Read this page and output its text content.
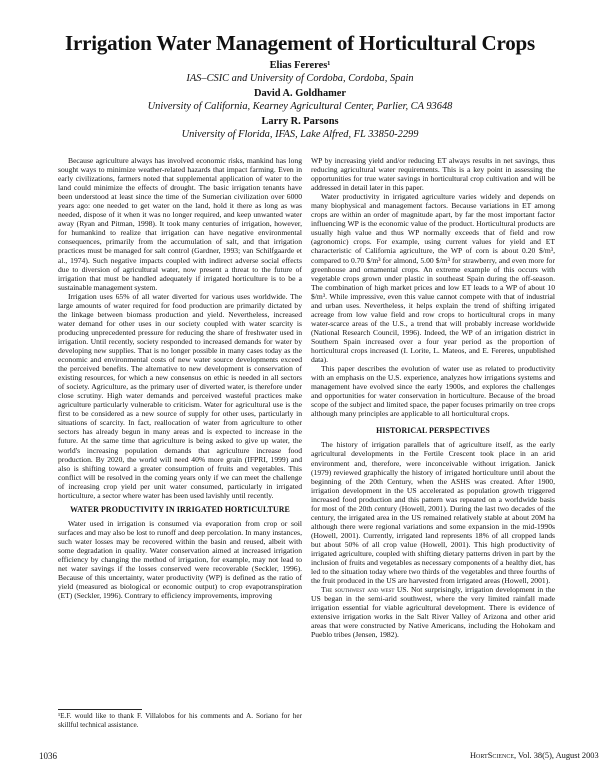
Irrigation Water Management of Horticultural Crops
Elias Fereres¹
IAS–CSIC and University of Cordoba, Cordoba, Spain
David A. Goldhamer
University of California, Kearney Agricultural Center, Parlier, CA 93648
Larry R. Parsons
University of Florida, IFAS, Lake Alfred, FL 33850-2299

Because agriculture always has involved economic risks, mankind has long sought ways to minimize weather-related hazards that impact farming. Even in early civilizations, farmers noted that supplemental application of water to the land could minimize the effects of drought. The basic irrigation tenants have been understood at least since the time of the Sumerian civilization over 6000 years ago: one needed to get water on the land, hold it there as long as was needed, dispose of it when it was no longer required, and keep unwanted water away (Ryan and Pitman, 1998). It took many centuries of irrigation, however, for humankind to realize that irrigation can have negative environmental consequences, primarily from the accumulation of salt, and that irrigation practices must be managed for salt control (Gardner, 1993; van Schilfgaarde et al., 1974). Such negative impacts coupled with indirect adverse social effects due to diversion of agricultural water, now present a threat to the future of irrigation that must be handled adequately if irrigated horticulture is to be a sustainable management system.

Irrigation uses 65% of all water diverted for various uses worldwide. The large amounts of water required for food production are primarily dictated by the linkage between biomass production and yield. Nevertheless, increased water demand for other uses in our society coupled with water scarcity is producing unprecedented pressure for reducing the share of freshwater used in irrigation. Until recently, society responded to increased demands for water by developing new supplies. That is no longer possible in many cases today as the economic and environmental costs of new water source developments exceed the perceived benefits. The alternative to new development is conservation of existing resources, for which a new consensus on ethic is needed in all sectors of society. Agriculture, as the primary user of diverted water, is therefore under close scrutiny. High water demands and perceived wasteful practices make agriculture particularly vulnerable to criticism. Water for agricultural use is the first to be considered as a new source of supply for other uses, particularly in situations of scarcity. In fact, reallocation of water from agriculture to other sectors has already begun in many areas and is expected to increase in the future. At the same time that agriculture is being asked to give up water, the world's increasing population demands that agriculture increase food production. By 2020, the world will need 40% more grain (IFPRI, 1999) and also is shifting toward a greater consumption of fruits and vegetables. This conflict will be resolved in the coming years only if we can meet the challenge of increasing crop yield per unit water consumed, particularly in irrigated horticulture, a sector where water has been used lavishly until recently.

WATER PRODUCTIVITY IN IRRIGATED HORTICULTURE

Water used in irrigation is consumed via evaporation from crop or soil surfaces and may also be lost to runoff and deep percolation. In many instances, such water losses may be recovered within the basin and reused, albeit with some degradation in quality. Water conservation aimed at increased irrigation efficiency by changing the method of irrigation, for example, may not lead to net water savings if the losses conserved were recoverable (Seckler, 1996). Because of this uncertainty, water productivity (WP) is defined as the ratio of yield (measured as biological or economic output) to crop evapotranspiration (ET) (Seckler, 1996). Contrary to efficiency improvements, improving

WP by increasing yield and/or reducing ET always results in net savings, thus reducing agricultural water requirements. This is a key point in assessing the opportunities for true water savings in horticultural crop cultivation and will be addressed in detail later in this paper.

Water productivity in irrigated agriculture varies widely and depends on many biophysical and management factors. Because variations in ET among crops are within an order of magnitude apart, by far the most important factor influencing WP is the economic value of the product. Horticultural products are usually high value and thus WP normally exceeds that of field and row (agronomic) crops. For example, using current values for yield and ET characteristic of California agriculture, the WP of corn is about 0.20 $/m³, compared to 0.70 $/m³ for almond, 5.00 $/m³ for strawberry, and even more for greenhouse and ornamental crops. An extreme example of this occurs with vegetable crops grown under plastic in southeast Spain during the off-season. The combination of high market prices and low ET leads to a WP of about 10 $/m³. While impressive, even this value cannot compete with that of industrial and urban uses. Nevertheless, it helps explain the trend of shifting irrigated acreage from low value field and row crops to horticultural crops in many water-scarce areas of the U.S., a trend that will probably increase worldwide (National Research Council, 1996). Indeed, the WP of an irrigation district in Southern Spain increased over a four year period as the proportion of horticultural crops increased (I. Lorite, L. Mateos, and E. Fereres, unpublished data).

This paper describes the evolution of water use as related to productivity with an emphasis on the U.S. experience, analyzes how irrigations systems and management have evolved since the early 1900s, and explores the challenges and opportunities for water conservation in horticulture. Because of the broad scope of the subject and limited space, the paper focuses primarily on tree crops although many principles are applicable to all horticultural crops.

HISTORICAL PERSPECTIVES

The history of irrigation parallels that of agriculture itself, as the early agricultural developments in the Fertile Crescent took place in an arid environment and, therefore, were inconceivable without irrigation. Janick (1979) reviewed graphically the history of irrigated horticulture until about the beginning of the 20th Century, when the ASHS was created. After 1900, irrigation development in the US accelerated as population growth triggered increased food production and this pattern was repeated on a worldwide basis for most of the 20th century (Howell, 2001). During the last two decades of the century, the irrigated area in the US remained relatively stable at about 20M ha although there were regional variations and some expansion in the mid-1990s (Howell, 2001). Currently, irrigated land represents 18% of all cropped lands but about 50% of all crop value (Howell, 2001). This high productivity of irrigated agriculture, coupled with shifting dietary patterns driven in part by the inclusion of fruits and vegetables as necessary components of a healthy diet, has led to the situation today where two thirds of the vegetables and three fourths of the fruit produced in the US are harvested from irrigated areas (Howell, 2001).

The southwest and west US. Not surprisingly, irrigation development in the US began in the semi-arid southwest, where the very limited rainfall made irrigation essential for viable agricultural development. There is evidence of extensive irrigation works in the Salt River Valley of Arizona and other arid areas that were constructed by Native Americans, including the Hohokam and Pueblo tribes (Jensen, 1982).

¹E.F. would like to thank F. Villalobos for his comments and A. Soriano for her skillful technical assistance.
1036	HortScience, Vol. 38(5), August 2003
